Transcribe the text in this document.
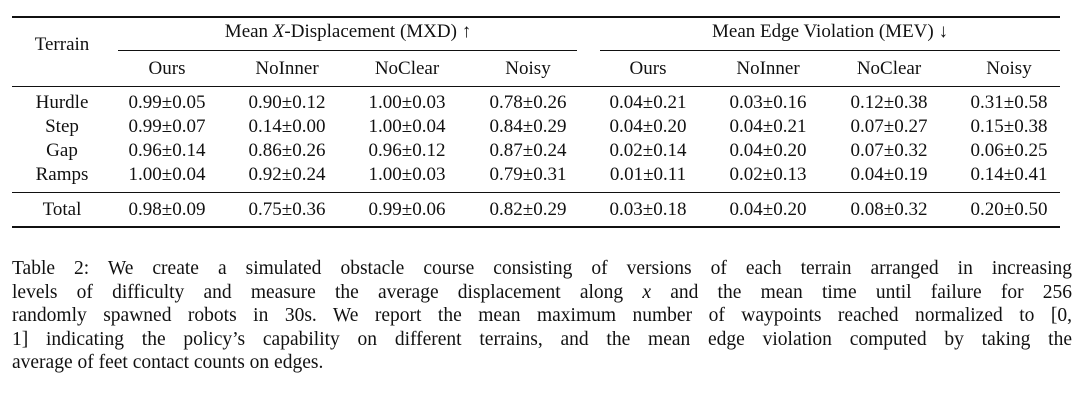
Terrain
Mean X-Displacement (MXD) ↑	Mean Edge Violation (MEV) ↓
Ours	NoInner	NoClear	Noisy	Ours	NoInner	NoClear	Noisy
Hurdle 0.99±0.05 0.90±0.12 1.00±0.03 0.78±0.26 0.04±0.21 0.03±0.16 0.12±0.38 0.31±0.58
Step	0.99±0.07 0.14±0.00 1.00±0.04 0.84±0.29 0.04±0.20 0.04±0.21 0.07±0.27 0.15±0.38
Gap	0.96±0.14 0.86±0.26 0.96±0.12 0.87±0.24 0.02±0.14 0.04±0.20 0.07±0.32 0.06±0.25
Ramps 1.00±0.04 0.92±0.24 1.00±0.03 0.79±0.31 0.01±0.11 0.02±0.13 0.04±0.19 0.14±0.41
Total 0.98±0.09 0.75±0.36 0.99±0.06 0.82±0.29 0.03±0.18 0.04±0.20 0.08±0.32 0.20±0.50
Table 2: We create a simulated obstacle course consisting of versions of each terrain arranged in increasing
levels of difficulty and measure the average displacement along x and the mean time until failure for 256
randomly spawned robots in 30s. We report the mean maximum number of waypoints reached normalized to [0,
1] indicating the policy’s capability on different terrains, and the mean edge violation computed by taking the
average of feet contact counts on edges.
